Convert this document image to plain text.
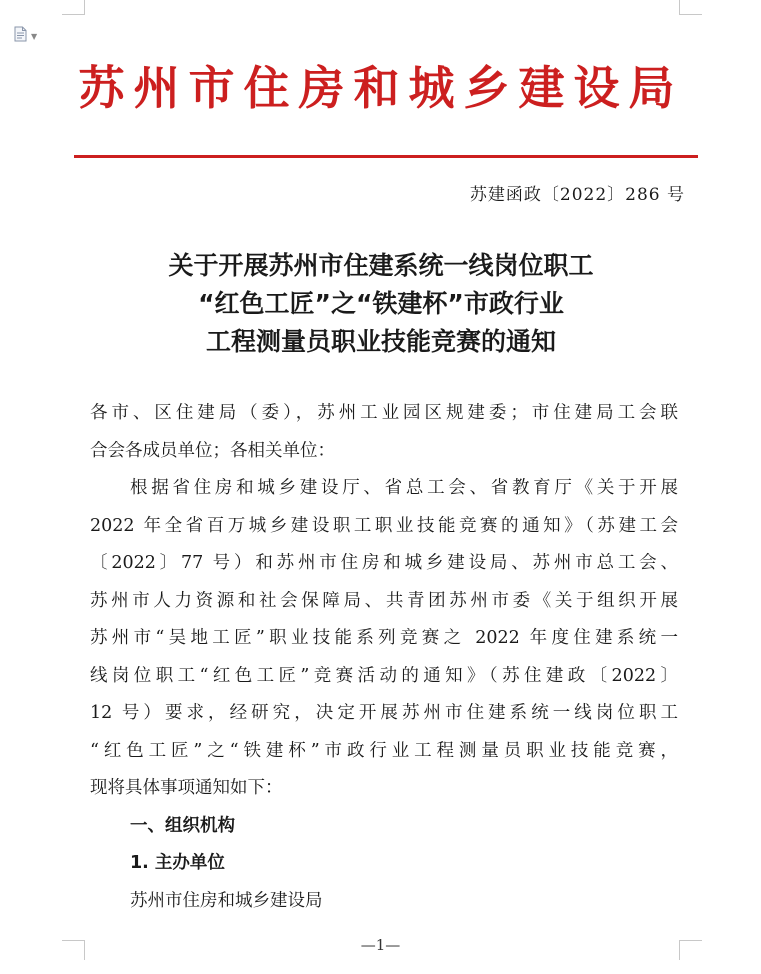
▼
苏州市住房和城乡建设局
苏建函政〔2022〕286 号
关于开展苏州市住建系统一线岗位职工
“红色工匠”之“铁建杯”市政行业
工程测量员职业技能竞赛的通知
各市、区住建局（委），苏州工业园区规建委；市住建局工会联
合会各成员单位；各相关单位：
根据省住房和城乡建设厅、省总工会、省教育厅《关于开展
2022 年全省百万城乡建设职工职业技能竞赛的通知》（苏建工会
〔2022〕77 号）和苏州市住房和城乡建设局、苏州市总工会、
苏州市人力资源和社会保障局、共青团苏州市委《关于组织开展
苏州市“吴地工匠”职业技能系列竞赛之 2022 年度住建系统一
线岗位职工“红色工匠”竞赛活动的通知》（苏住建政〔2022〕
12 号）要求，经研究，决定开展苏州市住建系统一线岗位职工
“红色工匠”之“铁建杯”市政行业工程测量员职业技能竞赛，
现将具体事项通知如下：
一、组织机构
1. 主办单位
苏州市住房和城乡建设局
—1—
